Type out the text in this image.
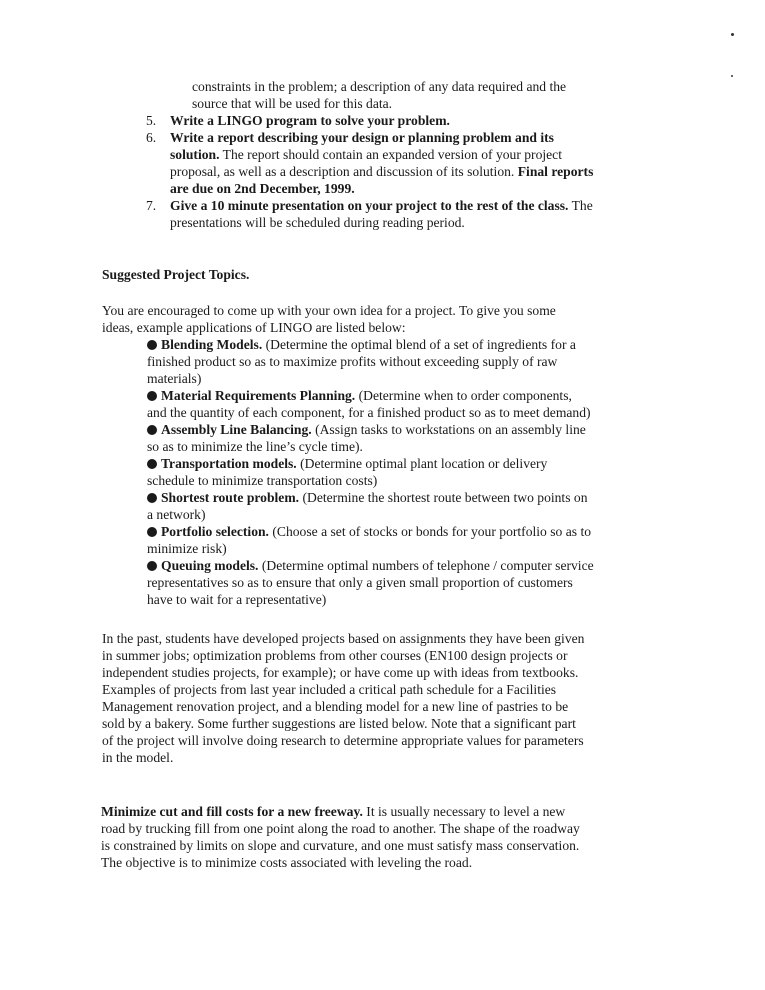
constraints in the problem; a description of any data required and the
source that will be used for this data.
5. Write a LINGO program to solve your problem.
6. Write a report describing your design or planning problem and its
solution. The report should contain an expanded version of your project
proposal, as well as a description and discussion of its solution. Final reports
are due on 2nd December, 1999.
7. Give a 10 minute presentation on your project to the rest of the class. The
presentations will be scheduled during reading period.
Suggested Project Topics.
You are encouraged to come up with your own idea for a project. To give you some
ideas, example applications of LINGO are listed below:
Blending Models. (Determine the optimal blend of a set of ingredients for a
finished product so as to maximize profits without exceeding supply of raw
materials)
Material Requirements Planning. (Determine when to order components,
and the quantity of each component, for a finished product so as to meet demand)
Assembly Line Balancing. (Assign tasks to workstations on an assembly line
so as to minimize the line’s cycle time).
Transportation models. (Determine optimal plant location or delivery
schedule to minimize transportation costs)
Shortest route problem. (Determine the shortest route between two points on
a network)
Portfolio selection. (Choose a set of stocks or bonds for your portfolio so as to
minimize risk)
Queuing models. (Determine optimal numbers of telephone / computer service
representatives so as to ensure that only a given small proportion of customers
have to wait for a representative)
In the past, students have developed projects based on assignments they have been given
in summer jobs; optimization problems from other courses (EN100 design projects or
independent studies projects, for example); or have come up with ideas from textbooks.
Examples of projects from last year included a critical path schedule for a Facilities
Management renovation project, and a blending model for a new line of pastries to be
sold by a bakery. Some further suggestions are listed below. Note that a significant part
of the project will involve doing research to determine appropriate values for parameters
in the model.
Minimize cut and fill costs for a new freeway. It is usually necessary to level a new
road by trucking fill from one point along the road to another. The shape of the roadway
is constrained by limits on slope and curvature, and one must satisfy mass conservation.
The objective is to minimize costs associated with leveling the road.
